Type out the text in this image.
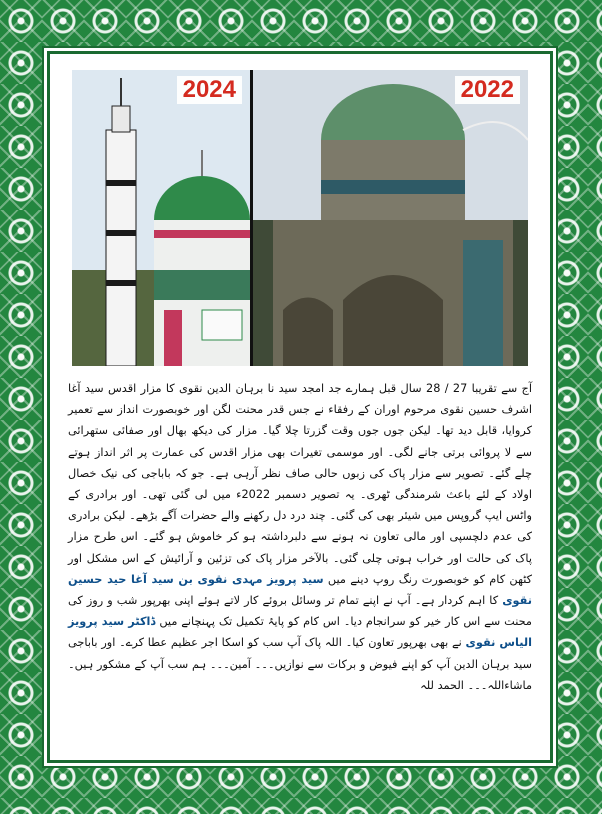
2024	2022

آج سے تقریبا 27 / 28 سال قبل ہمارے جد امجد سید نا برہان الدین نقوی کا مزار اقدس سید آغا اشرف حسین نقوی مرحوم اوران کے رفقاء نے جس قدر محنت لگن اور خوبصورت انداز سے تعمیر کروایا، قابل دید تھا۔ لیکن جوں جوں وقت گزرتا چلا گیا۔ مزار کی دیکھ بھال اور صفائی ستھرائی سے لا پروائی برتی جانے لگی۔ اور موسمی تغیرات بھی مزار اقدس کی عمارت پر اثر انداز ہوتے چلے گئے۔ تصویر سے مزار پاک کی زبوں حالی صاف نظر آرہی ہے۔ جو کہ باباجی کی نیک خصال اولاد کے لئے باعث شرمندگی ٹھری۔ یہ تصویر دسمبر 2022ء میں لی گئی تھی۔ اور برادری کے واٹس ایپ گروپس میں شیئر بھی کی گئی۔ چند درد دل رکھنے والے حضرات آگے بڑھے۔ لیکن برادری کی عدم دلچسپی اور مالی تعاون نہ ہونے سے دلبرداشتہ ہو کر خاموش ہو گئے۔ اس طرح مزار پاک کی حالت اور خراب ہوتی چلی گئی۔ بالآخر مزار پاک کی تزئین و آرائیش کے اس مشکل اور کٹھن کام کو خوبصورت رنگ روپ دینے میں سید پرویز مہدی نقوی بن سید آغا حید حسین نقوی کا اہم کردار ہے۔ آپ نے اپنے تمام تر وسائل بروئے کار لاتے ہوئے اپنی بھرپور شب و روز کی محنت سے اس کار خیر کو سرانجام دیا۔ اس کام کو پایۂ تکمیل تک پہنچانے میں ڈاکٹر سید پرویز الیاس نقوی نے بھی بھرپور تعاون کیا۔ اللہ پاک آپ سب کو اسکا اجر عظیم عطا کرے۔ اور باباجی سید برہان الدین آپ کو اپنے فیوض و برکات سے نوازیں۔۔۔ آمین۔۔۔ ہم سب آپ کے مشکور ہیں۔ ماشاءاللہ۔۔۔ الحمد للہ
